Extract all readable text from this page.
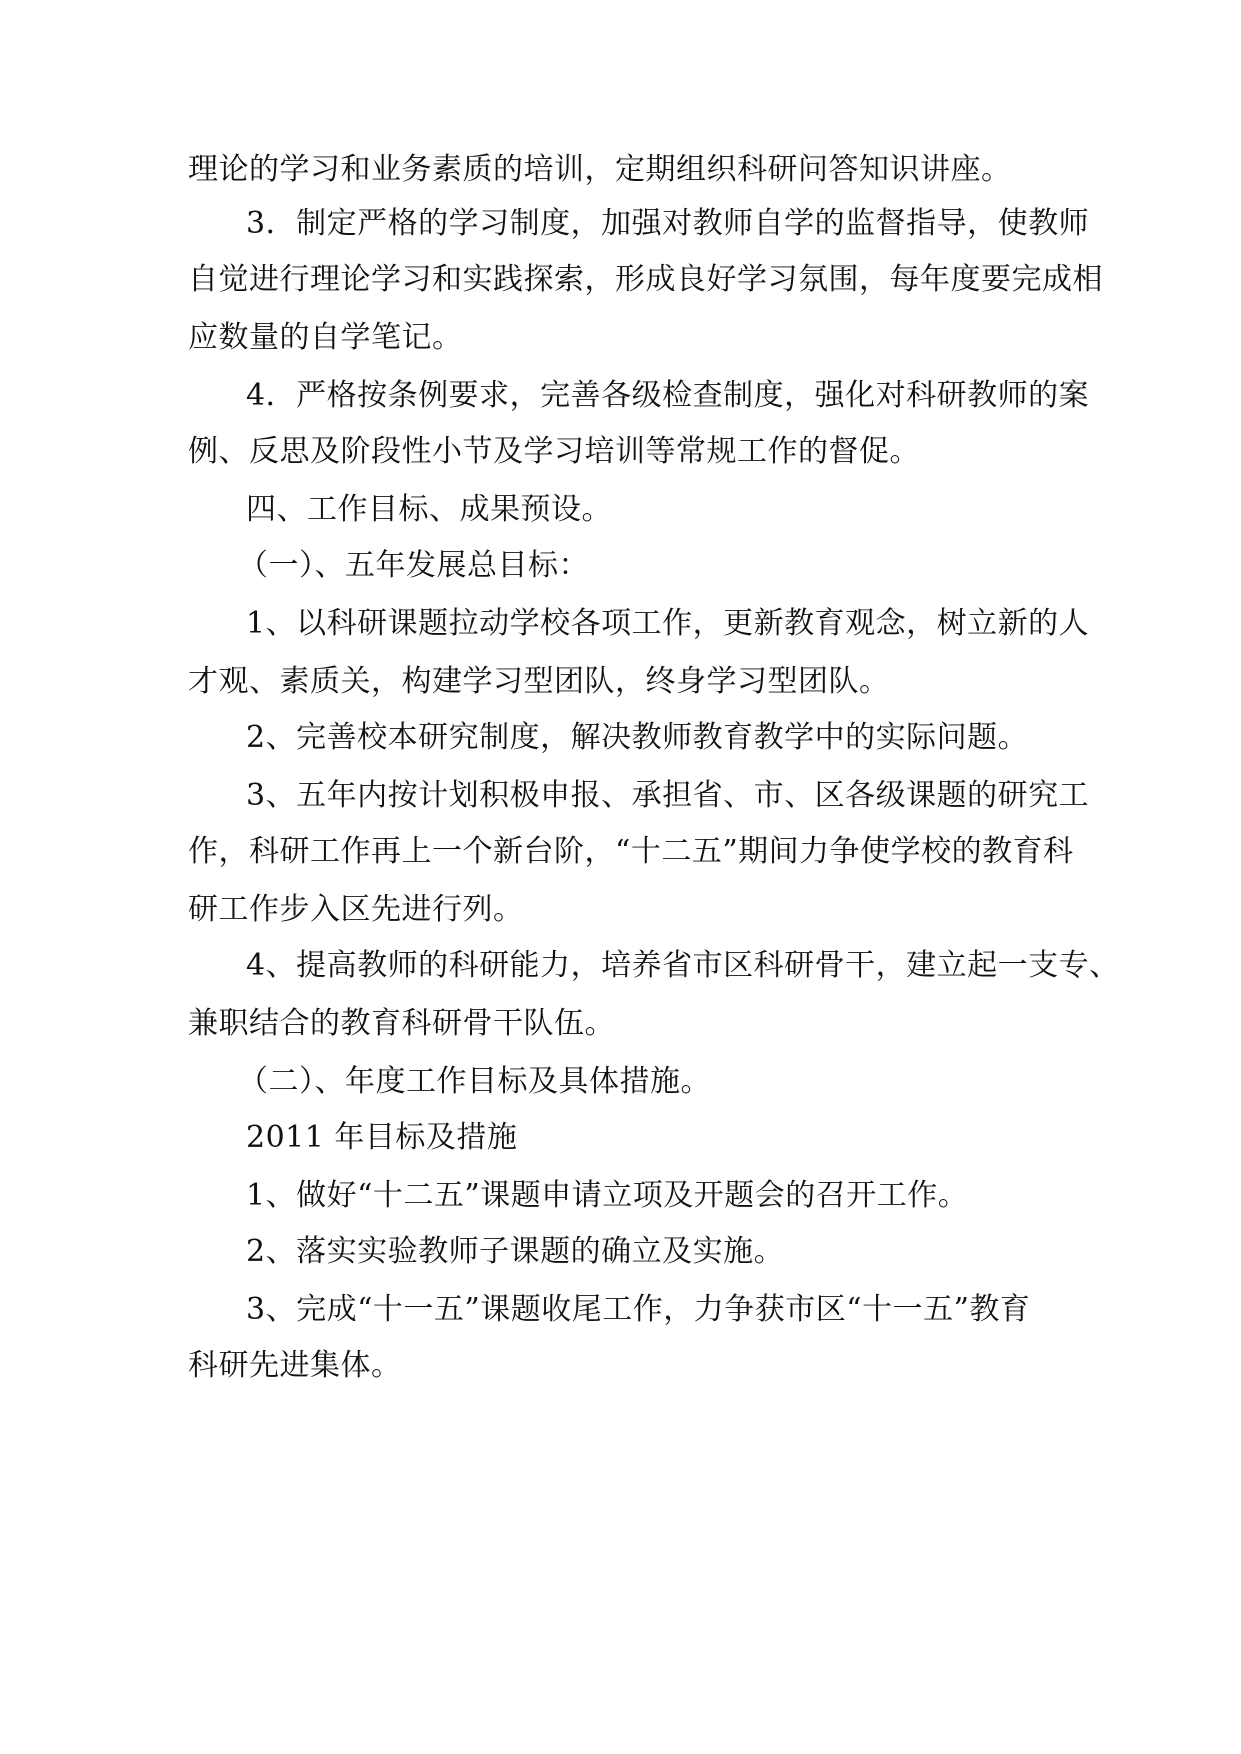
理论的学习和业务素质的培训，定期组织科研问答知识讲座。
3．制定严格的学习制度，加强对教师自学的监督指导，使教师
自觉进行理论学习和实践探索，形成良好学习氛围，每年度要完成相
应数量的自学笔记。
4．严格按条例要求，完善各级检查制度，强化对科研教师的案
例、反思及阶段性小节及学习培训等常规工作的督促。
四、工作目标、成果预设。
（一）、五年发展总目标：
1、以科研课题拉动学校各项工作，更新教育观念，树立新的人
才观、素质关，构建学习型团队，终身学习型团队。
2、完善校本研究制度，解决教师教育教学中的实际问题。
3、五年内按计划积极申报、承担省、市、区各级课题的研究工
作，科研工作再上一个新台阶，“十二五”期间力争使学校的教育科
研工作步入区先进行列。
4、提高教师的科研能力，培养省市区科研骨干，建立起一支专、
兼职结合的教育科研骨干队伍。
（二）、年度工作目标及具体措施。
2011 年目标及措施
1、做好“十二五”课题申请立项及开题会的召开工作。
2、落实实验教师子课题的确立及实施。
3、完成“十一五”课题收尾工作，力争获市区“十一五”教育
科研先进集体。
